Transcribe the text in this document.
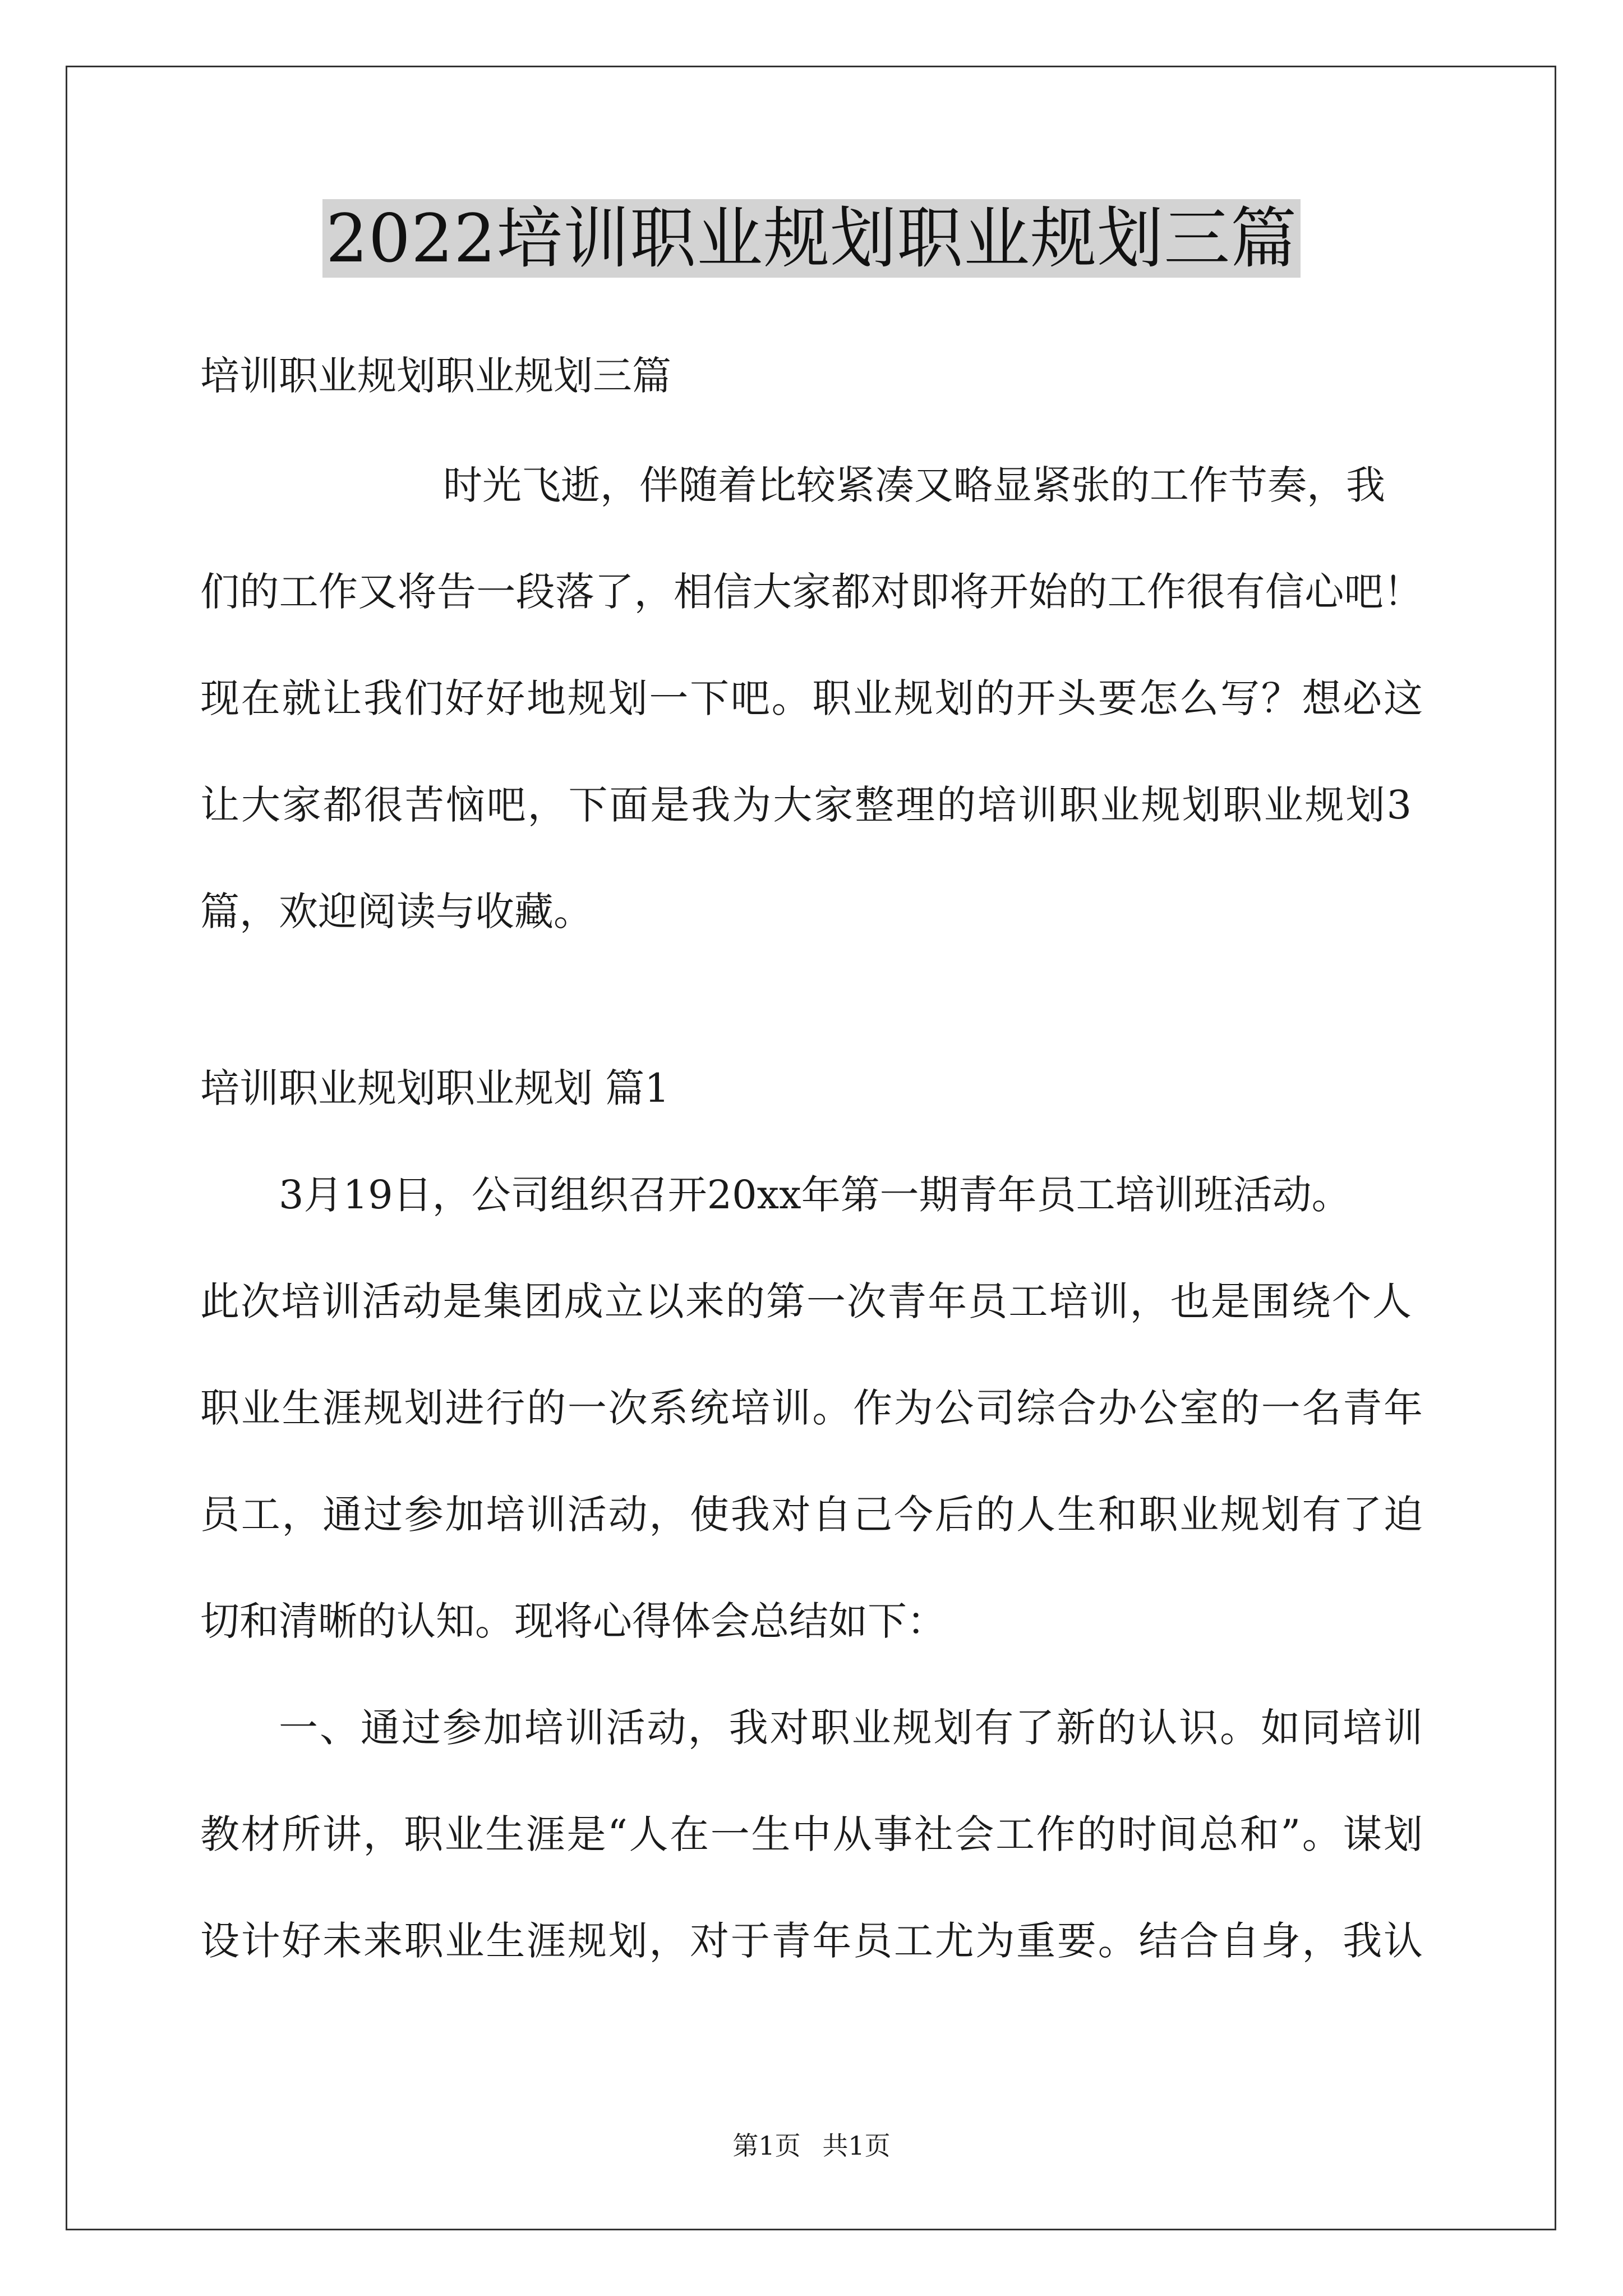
2022培训职业规划职业规划三篇
培训职业规划职业规划三篇
时光飞逝，伴随着比较紧凑又略显紧张的工作节奏，我
们的工作又将告一段落了，相信大家都对即将开始的工作很有信心吧！
现在就让我们好好地规划一下吧。职业规划的开头要怎么写？想必这
让大家都很苦恼吧，下面是我为大家整理的培训职业规划职业规划3
篇，欢迎阅读与收藏。
培训职业规划职业规划 篇1
3月19日，公司组织召开20xx年第一期青年员工培训班活动。
此次培训活动是集团成立以来的第一次青年员工培训，也是围绕个人
职业生涯规划进行的一次系统培训。作为公司综合办公室的一名青年
员工，通过参加培训活动，使我对自己今后的人生和职业规划有了迫
切和清晰的认知。现将心得体会总结如下：
一、通过参加培训活动，我对职业规划有了新的认识。如同培训
教材所讲，职业生涯是“人在一生中从事社会工作的时间总和”。谋划
设计好未来职业生涯规划，对于青年员工尤为重要。结合自身，我认
第1页 共1页
